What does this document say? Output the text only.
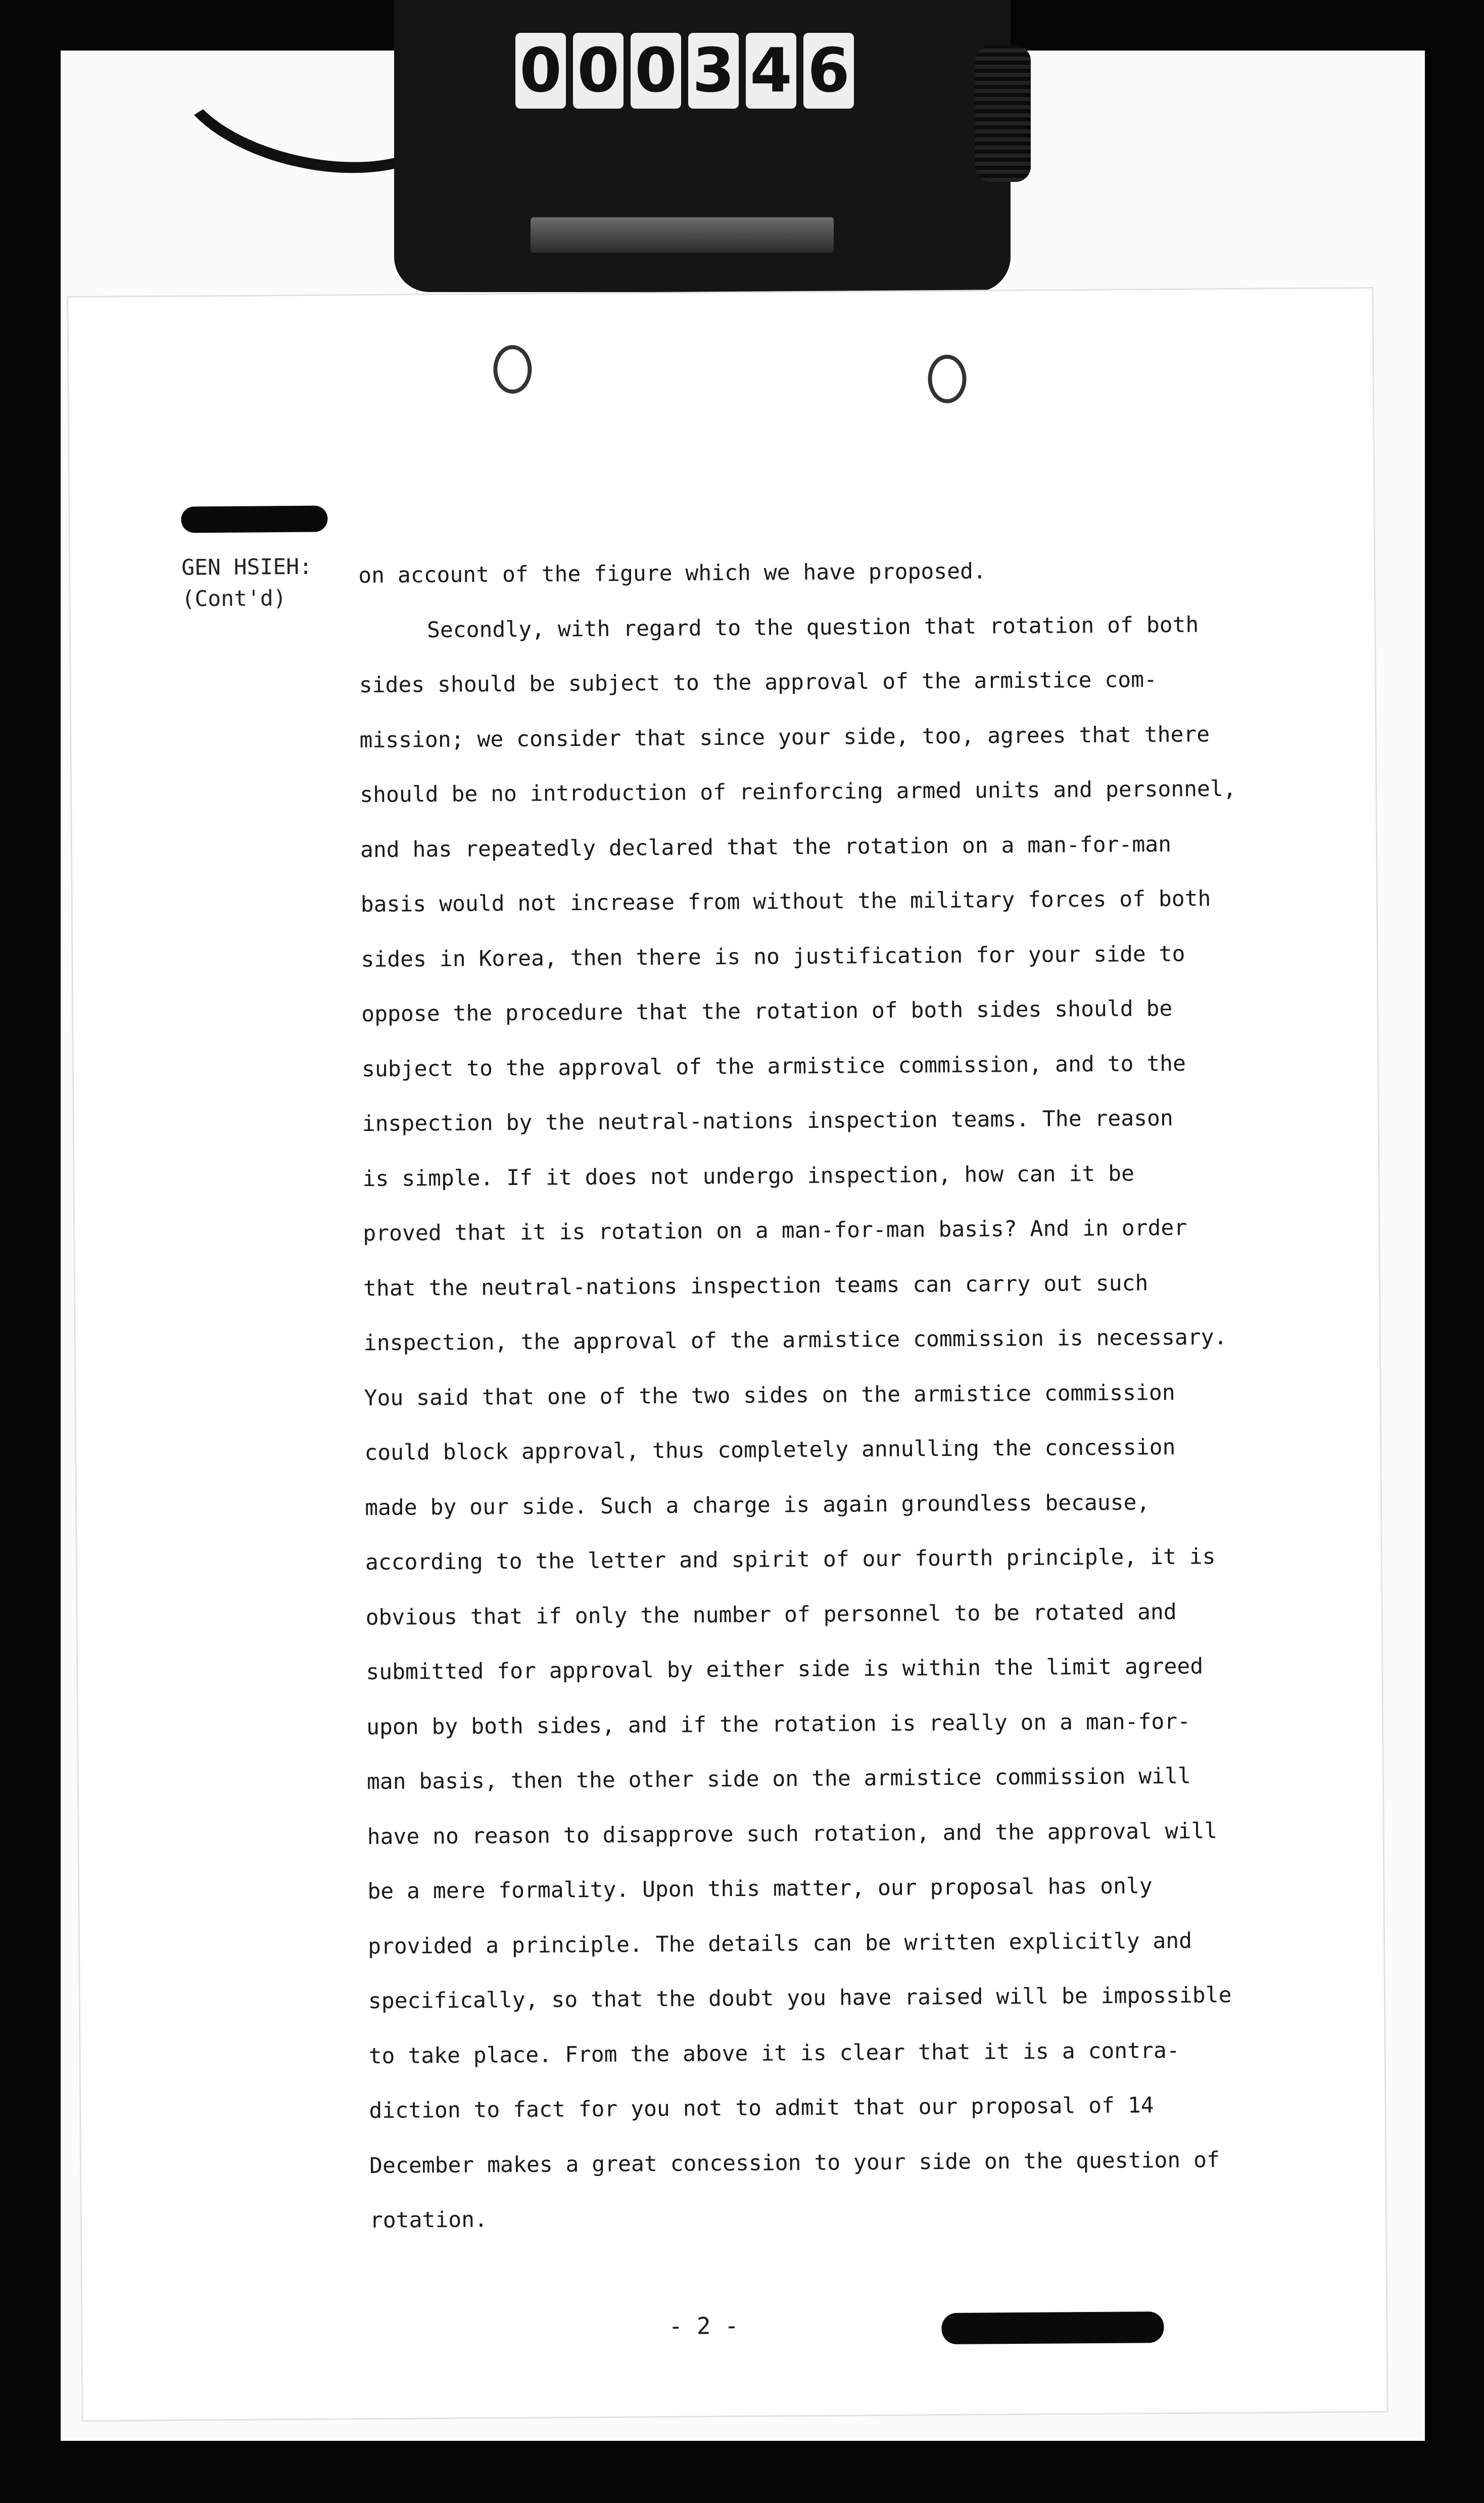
0 0 0 3 4 6
GEN HSIEH:
(Cont'd)
on account of the figure which we have proposed.
Secondly, with regard to the question that rotation of both
sides should be subject to the approval of the armistice com-
mission; we consider that since your side, too, agrees that there
should be no introduction of reinforcing armed units and personnel,
and has repeatedly declared that the rotation on a man-for-man
basis would not increase from without the military forces of both
sides in Korea, then there is no justification for your side to
oppose the procedure that the rotation of both sides should be
subject to the approval of the armistice commission, and to the
inspection by the neutral-nations inspection teams. The reason
is simple. If it does not undergo inspection, how can it be
proved that it is rotation on a man-for-man basis? And in order
that the neutral-nations inspection teams can carry out such
inspection, the approval of the armistice commission is necessary.
You said that one of the two sides on the armistice commission
could block approval, thus completely annulling the concession
made by our side. Such a charge is again groundless because,
according to the letter and spirit of our fourth principle, it is
obvious that if only the number of personnel to be rotated and
submitted for approval by either side is within the limit agreed
upon by both sides, and if the rotation is really on a man-for-
man basis, then the other side on the armistice commission will
have no reason to disapprove such rotation, and the approval will
be a mere formality. Upon this matter, our proposal has only
provided a principle. The details can be written explicitly and
specifically, so that the doubt you have raised will be impossible
to take place. From the above it is clear that it is a contra-
diction to fact for you not to admit that our proposal of 14
December makes a great concession to your side on the question of
rotation.
- 2 -
